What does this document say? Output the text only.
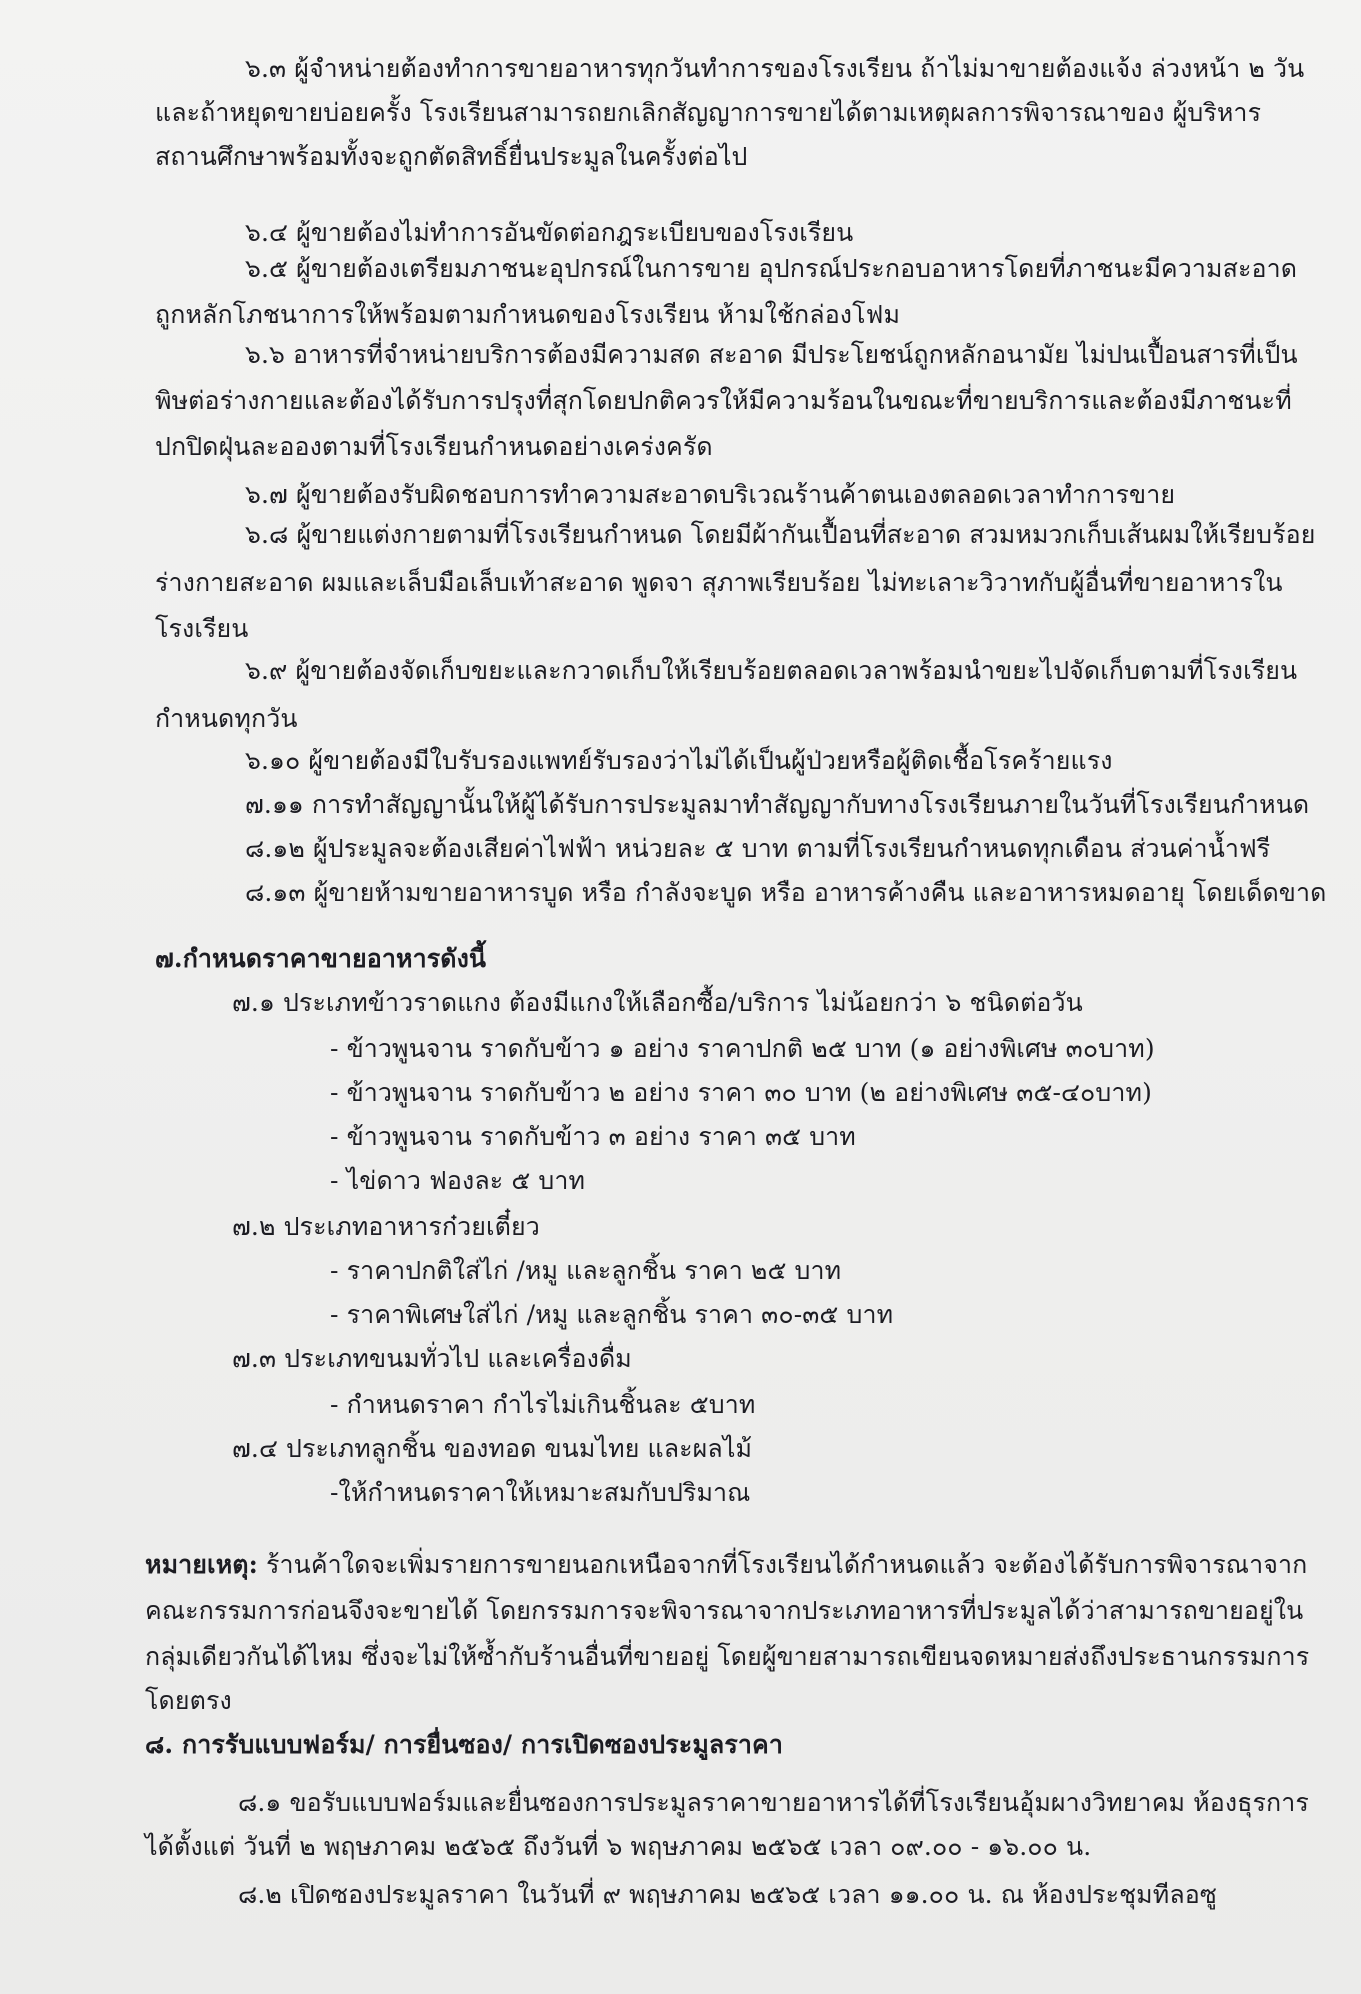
๖.๓ ผู้จำหน่ายต้องทำการขายอาหารทุกวันทำการของโรงเรียน ถ้าไม่มาขายต้องแจ้ง ล่วงหน้า ๒ วัน
และถ้าหยุดขายบ่อยครั้ง โรงเรียนสามารถยกเลิกสัญญาการขายได้ตามเหตุผลการพิจารณาของ ผู้บริหาร
สถานศึกษาพร้อมทั้งจะถูกตัดสิทธิ์ยื่นประมูลในครั้งต่อไป
๖.๔ ผู้ขายต้องไม่ทำการอันขัดต่อกฎระเบียบของโรงเรียน
๖.๕ ผู้ขายต้องเตรียมภาชนะอุปกรณ์ในการขาย อุปกรณ์ประกอบอาหารโดยที่ภาชนะมีความสะอาด
ถูกหลักโภชนาการให้พร้อมตามกำหนดของโรงเรียน ห้ามใช้กล่องโฟม
๖.๖ อาหารที่จำหน่ายบริการต้องมีความสด สะอาด มีประโยชน์ถูกหลักอนามัย ไม่ปนเปื้อนสารที่เป็น
พิษต่อร่างกายและต้องได้รับการปรุงที่สุกโดยปกติควรให้มีความร้อนในขณะที่ขายบริการและต้องมีภาชนะที่
ปกปิดฝุ่นละอองตามที่โรงเรียนกำหนดอย่างเคร่งครัด
๖.๗ ผู้ขายต้องรับผิดชอบการทำความสะอาดบริเวณร้านค้าตนเองตลอดเวลาทำการขาย
๖.๘ ผู้ขายแต่งกายตามที่โรงเรียนกำหนด โดยมีผ้ากันเปื้อนที่สะอาด สวมหมวกเก็บเส้นผมให้เรียบร้อย
ร่างกายสะอาด ผมและเล็บมือเล็บเท้าสะอาด พูดจา สุภาพเรียบร้อย ไม่ทะเลาะวิวาทกับผู้อื่นที่ขายอาหารใน
โรงเรียน
๖.๙ ผู้ขายต้องจัดเก็บขยะและกวาดเก็บให้เรียบร้อยตลอดเวลาพร้อมนำขยะไปจัดเก็บตามที่โรงเรียน
กำหนดทุกวัน
๖.๑๐ ผู้ขายต้องมีใบรับรองแพทย์รับรองว่าไม่ได้เป็นผู้ป่วยหรือผู้ติดเชื้อโรคร้ายแรง
๗.๑๑ การทำสัญญานั้นให้ผู้ได้รับการประมูลมาทำสัญญากับทางโรงเรียนภายในวันที่โรงเรียนกำหนด
๘.๑๒ ผู้ประมูลจะต้องเสียค่าไฟฟ้า หน่วยละ ๕ บาท ตามที่โรงเรียนกำหนดทุกเดือน ส่วนค่าน้ำฟรี
๘.๑๓ ผู้ขายห้ามขายอาหารบูด หรือ กำลังจะบูด หรือ อาหารค้างคืน และอาหารหมดอายุ โดยเด็ดขาด
๗.กำหนดราคาขายอาหารดังนี้
๗.๑ ประเภทข้าวราดแกง ต้องมีแกงให้เลือกซื้อ/บริการ ไม่น้อยกว่า ๖ ชนิดต่อวัน
- ข้าวพูนจาน ราดกับข้าว ๑ อย่าง ราคาปกติ ๒๕ บาท (๑ อย่างพิเศษ ๓๐บาท)
- ข้าวพูนจาน ราดกับข้าว ๒ อย่าง ราคา ๓๐ บาท (๒ อย่างพิเศษ ๓๕-๔๐บาท)
- ข้าวพูนจาน ราดกับข้าว ๓ อย่าง ราคา ๓๕ บาท
- ไข่ดาว ฟองละ ๕ บาท
๗.๒ ประเภทอาหารก๋วยเตี๋ยว
- ราคาปกติใส่ไก่ /หมู และลูกชิ้น ราคา ๒๕ บาท
- ราคาพิเศษใส่ไก่ /หมู และลูกชิ้น ราคา ๓๐-๓๕ บาท
๗.๓ ประเภทขนมทั่วไป และเครื่องดื่ม
- กำหนดราคา กำไรไม่เกินชิ้นละ ๕บาท
๗.๔ ประเภทลูกชิ้น ของทอด ขนมไทย และผลไม้
-ให้กำหนดราคาให้เหมาะสมกับปริมาณ
หมายเหตุ: ร้านค้าใดจะเพิ่มรายการขายนอกเหนือจากที่โรงเรียนได้กำหนดแล้ว จะต้องได้รับการพิจารณาจาก
คณะกรรมการก่อนจึงจะขายได้ โดยกรรมการจะพิจารณาจากประเภทอาหารที่ประมูลได้ว่าสามารถขายอยู่ใน
กลุ่มเดียวกันได้ไหม ซึ่งจะไม่ให้ซ้ำกับร้านอื่นที่ขายอยู่ โดยผู้ขายสามารถเขียนจดหมายส่งถึงประธานกรรมการ
โดยตรง
๘. การรับแบบฟอร์ม/ การยื่นซอง/ การเปิดซองประมูลราคา
๘.๑ ขอรับแบบฟอร์มและยื่นซองการประมูลราคาขายอาหารได้ที่โรงเรียนอุ้มผางวิทยาคม ห้องธุรการ
ได้ตั้งแต่ วันที่ ๒ พฤษภาคม ๒๕๖๕ ถึงวันที่ ๖ พฤษภาคม ๒๕๖๕ เวลา ๐๙.๐๐ - ๑๖.๐๐ น.
๘.๒ เปิดซองประมูลราคา ในวันที่ ๙ พฤษภาคม ๒๕๖๕ เวลา ๑๑.๐๐ น. ณ ห้องประชุมทีลอซู
